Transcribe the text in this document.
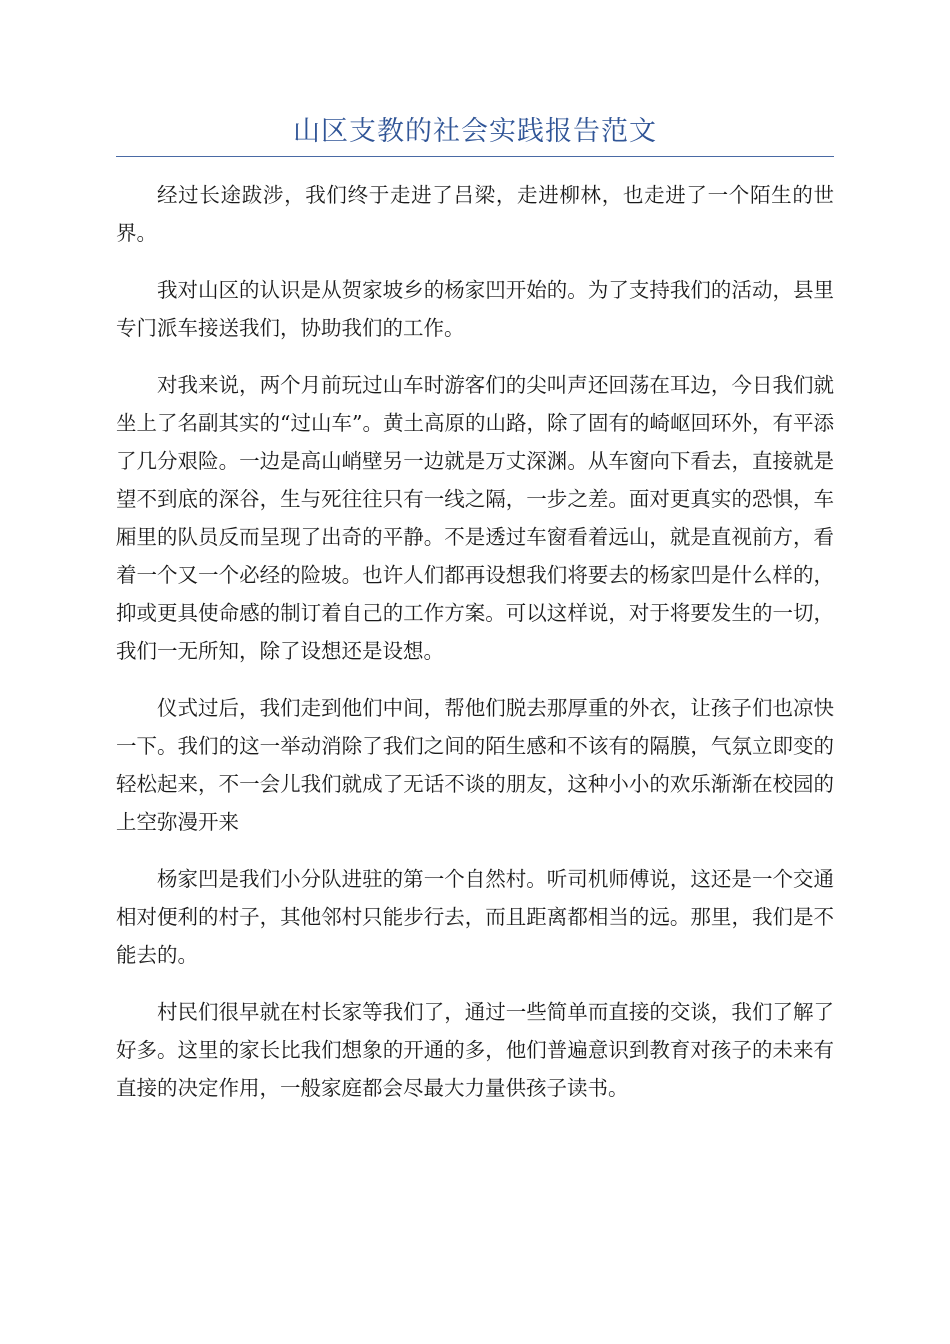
山区支教的社会实践报告范文

经过长途跋涉，我们终于走进了吕梁，走进柳林，也走进了一个陌生的世界。

我对山区的认识是从贺家坡乡的杨家凹开始的。为了支持我们的活动，县里专门派车接送我们，协助我们的工作。

对我来说，两个月前玩过山车时游客们的尖叫声还回荡在耳边，今日我们就坐上了名副其实的“过山车”。黄土高原的山路，除了固有的崎岖回环外，有平添了几分艰险。一边是高山峭壁另一边就是万丈深渊。从车窗向下看去，直接就是望不到底的深谷，生与死往往只有一线之隔，一步之差。面对更真实的恐惧，车厢里的队员反而呈现了出奇的平静。不是透过车窗看着远山，就是直视前方，看着一个又一个必经的险坡。也许人们都再设想我们将要去的杨家凹是什么样的，抑或更具使命感的制订着自己的工作方案。可以这样说，对于将要发生的一切，我们一无所知，除了设想还是设想。

仪式过后，我们走到他们中间，帮他们脱去那厚重的外衣，让孩子们也凉快一下。我们的这一举动消除了我们之间的陌生感和不该有的隔膜，气氛立即变的轻松起来，不一会儿我们就成了无话不谈的朋友，这种小小的欢乐渐渐在校园的上空弥漫开来

杨家凹是我们小分队进驻的第一个自然村。听司机师傅说，这还是一个交通相对便利的村子，其他邻村只能步行去，而且距离都相当的远。那里，我们是不能去的。

村民们很早就在村长家等我们了，通过一些简单而直接的交谈，我们了解了好多。这里的家长比我们想象的开通的多，他们普遍意识到教育对孩子的未来有直接的决定作用，一般家庭都会尽最大力量供孩子读书。
